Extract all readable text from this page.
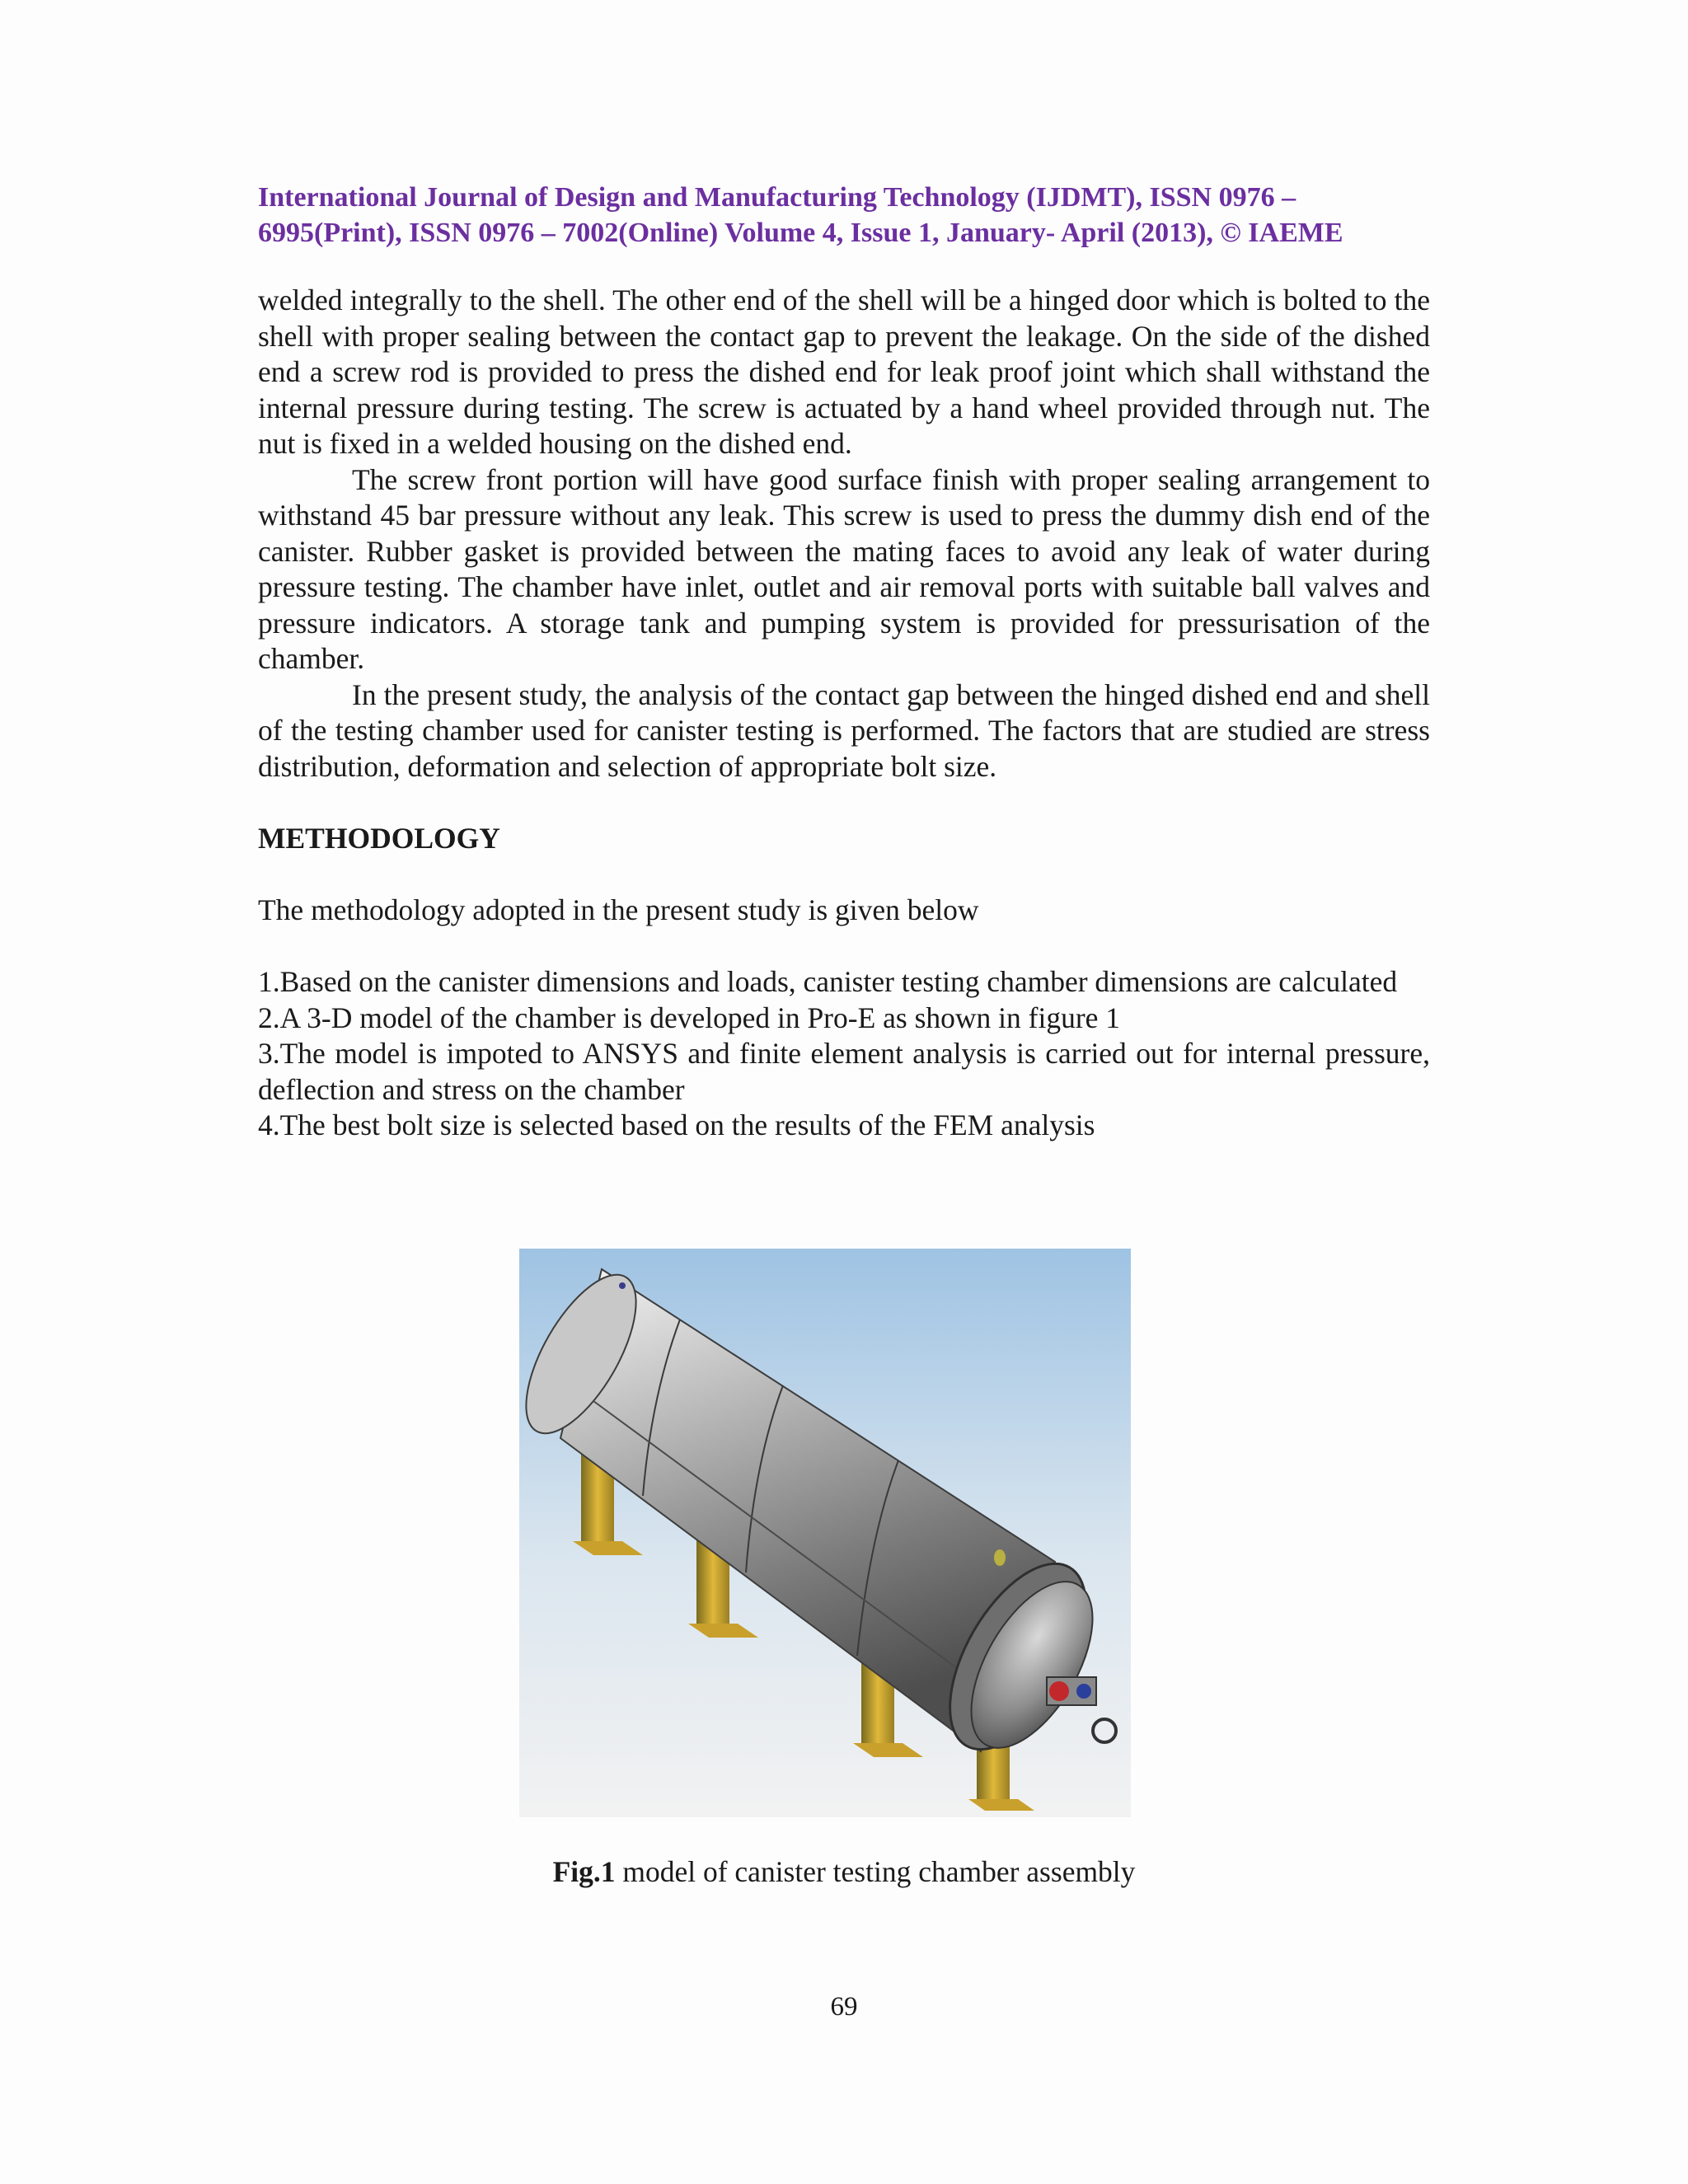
International Journal of Design and Manufacturing Technology (IJDMT), ISSN 0976 –
6995(Print), ISSN 0976 – 7002(Online) Volume 4, Issue 1, January- April (2013), © IAEME

welded integrally to the shell. The other end of the shell will be a hinged door which is bolted to the shell with proper sealing between the contact gap to prevent the leakage. On the side of the dished end a screw rod is provided to press the dished end for leak proof joint which shall withstand the internal pressure during testing. The screw is actuated by a hand wheel provided through nut. The nut is fixed in a welded housing on the dished end.

The screw front portion will have good surface finish with proper sealing arrangement to withstand 45 bar pressure without any leak. This screw is used to press the dummy dish end of the canister. Rubber gasket is provided between the mating faces to avoid any leak of water during pressure testing. The chamber have inlet, outlet and air removal ports with suitable ball valves and pressure indicators. A storage tank and pumping system is provided for pressurisation of the chamber.

In the present study, the analysis of the contact gap between the hinged dished end and shell of the testing chamber used for canister testing is performed. The factors that are studied are stress distribution, deformation and selection of appropriate bolt size.

METHODOLOGY
The methodology adopted in the present study is given below

1.Based on the canister dimensions and loads, canister testing chamber dimensions are calculated

2.A 3-D model of the chamber is developed in Pro-E as shown in figure 1

3.The model is impoted to ANSYS and finite element analysis is carried out for internal pressure, deflection and stress on the chamber

4.The best bolt size is selected based on the results of the FEM analysis

Fig.1 model of canister testing chamber assembly
69
